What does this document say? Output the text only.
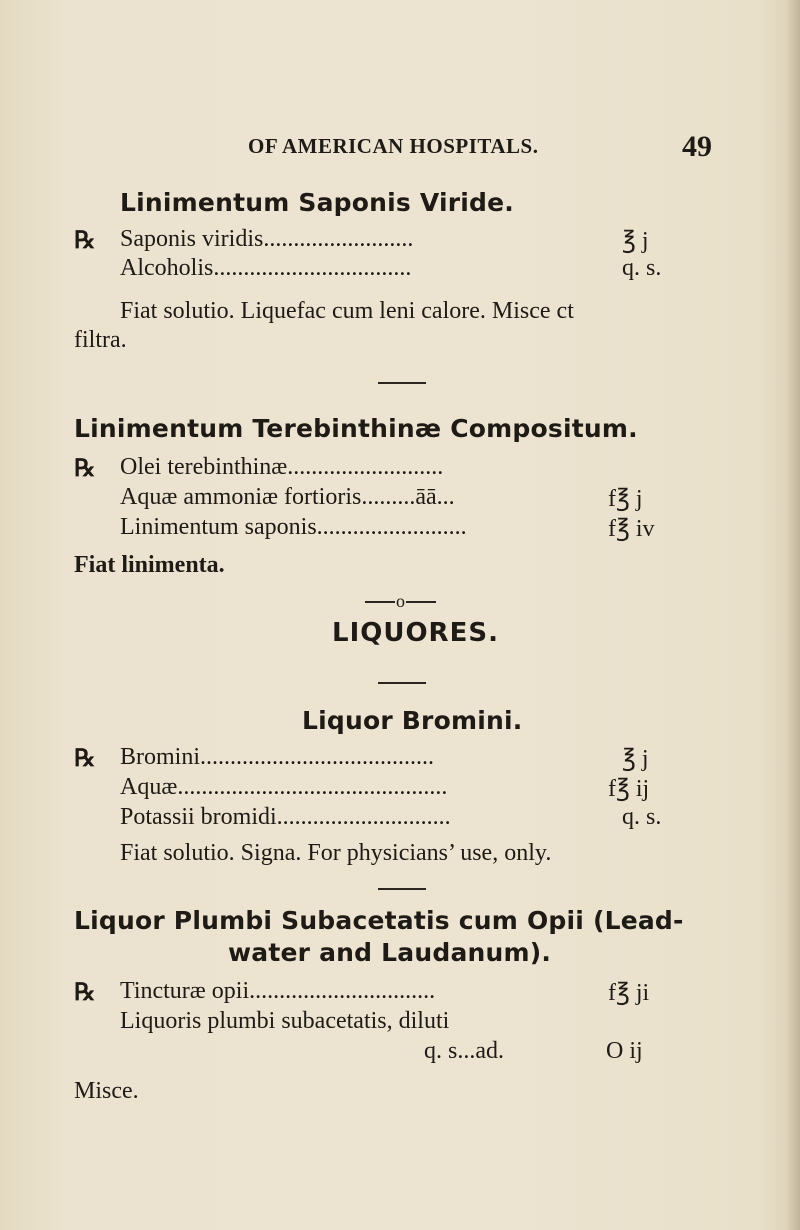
OF AMERICAN HOSPITALS.	49
Linimentum Saponis Viride.
℞ Saponis viridis.........................	℥ j
Alcoholis.................................	q. s.
Fiat solutio. Liquefac cum leni calore. Misce ct
filtra.
Linimentum Terebinthinæ Compositum.
℞ Olei terebinthinæ..........................
Aquæ ammoniæ fortioris.........āā...	f℥ j
Linimentum saponis.........................	f℥ iv
Fiat linimenta.
o
LIQUORES.
Liquor Bromini.
℞ Bromini.......................................	℥ j
Aquæ.............................................	f℥ ij
Potassii bromidi.............................	q. s.
Fiat solutio. Signa. For physicians’ use, only.
Liquor Plumbi Subacetatis cum Opii (Lead-
water and Laudanum).
℞ Tincturæ opii...............................	f℥ ji
Liquoris plumbi subacetatis, diluti
q. s...ad.	O ij
Misce.
